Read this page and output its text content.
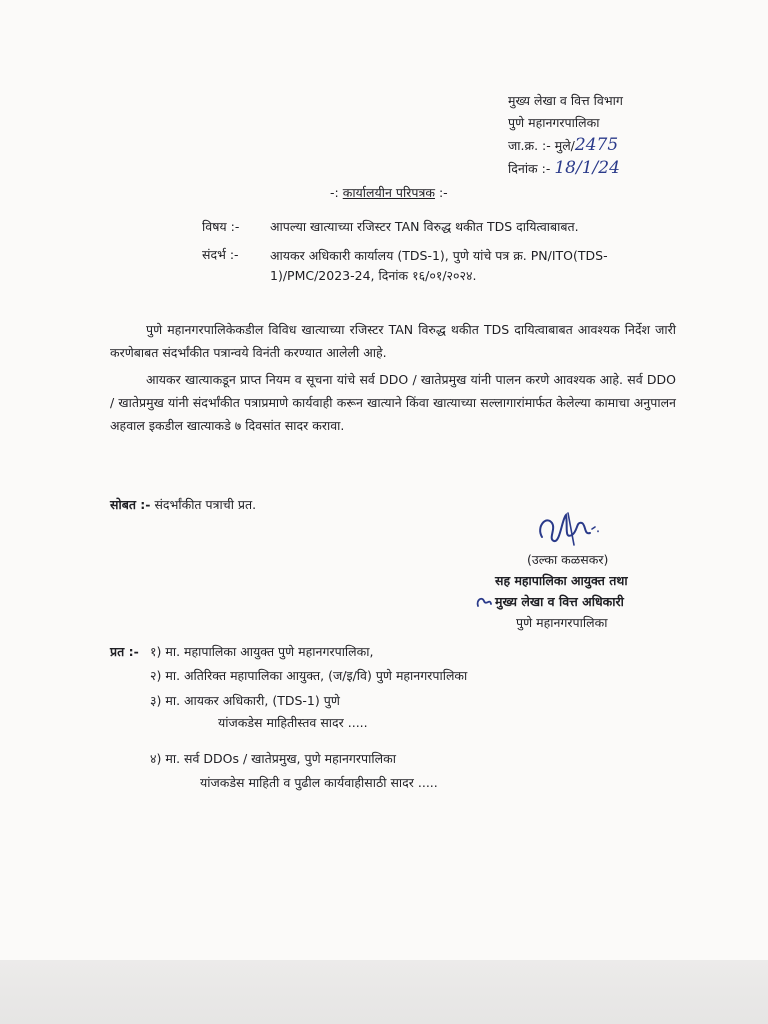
मुख्य लेखा व वित्त विभाग
पुणे महानगरपालिका
जा.क्र. :- मुले/2475
दिनांक :- 18/1/24
-: कार्यालयीन परिपत्रक :-
विषय :- आपल्या खात्याच्या रजिस्टर TAN विरुद्ध थकीत TDS दायित्वाबाबत.
संदर्भ :-	आयकर अधिकारी कार्यालय (TDS-1), पुणे यांचे पत्र क्र. PN/ITO(TDS-1)/PMC/2023-24, दिनांक १६/०१/२०२४.
पुणे महानगरपालिकेकडील विविध खात्याच्या रजिस्टर TAN विरुद्ध थकीत TDS दायित्वाबाबत आवश्यक निर्देश जारी करणेबाबत संदर्भांकीत पत्रान्वये विनंती करण्यात आलेली आहे.
आयकर खात्याकडून प्राप्त नियम व सूचना यांचे सर्व DDO / खातेप्रमुख यांनी पालन करणे आवश्यक आहे. सर्व DDO / खातेप्रमुख यांनी संदर्भांकीत पत्राप्रमाणे कार्यवाही करून खात्याने किंवा खात्याच्या सल्लागारांमार्फत केलेल्या कामाचा अनुपालन अहवाल इकडील खात्याकडे ७ दिवसांत सादर करावा.
सोबत :- संदर्भांकीत पत्राची प्रत.
(उल्का कळसकर)
सह महापालिका आयुक्त तथा
मुख्य लेखा व वित्त अधिकारी
पुणे महानगरपालिका
प्रत :- १) मा. महापालिका आयुक्त पुणे महानगरपालिका,
२) मा. अतिरिक्त महापालिका आयुक्त, (ज/इ/वि) पुणे महानगरपालिका
३) मा. आयकर अधिकारी, (TDS-1) पुणे
यांजकडेस माहितीस्तव सादर .....
४) मा. सर्व DDOs / खातेप्रमुख, पुणे महानगरपालिका
यांजकडेस माहिती व पुढील कार्यवाहीसाठी सादर .....
